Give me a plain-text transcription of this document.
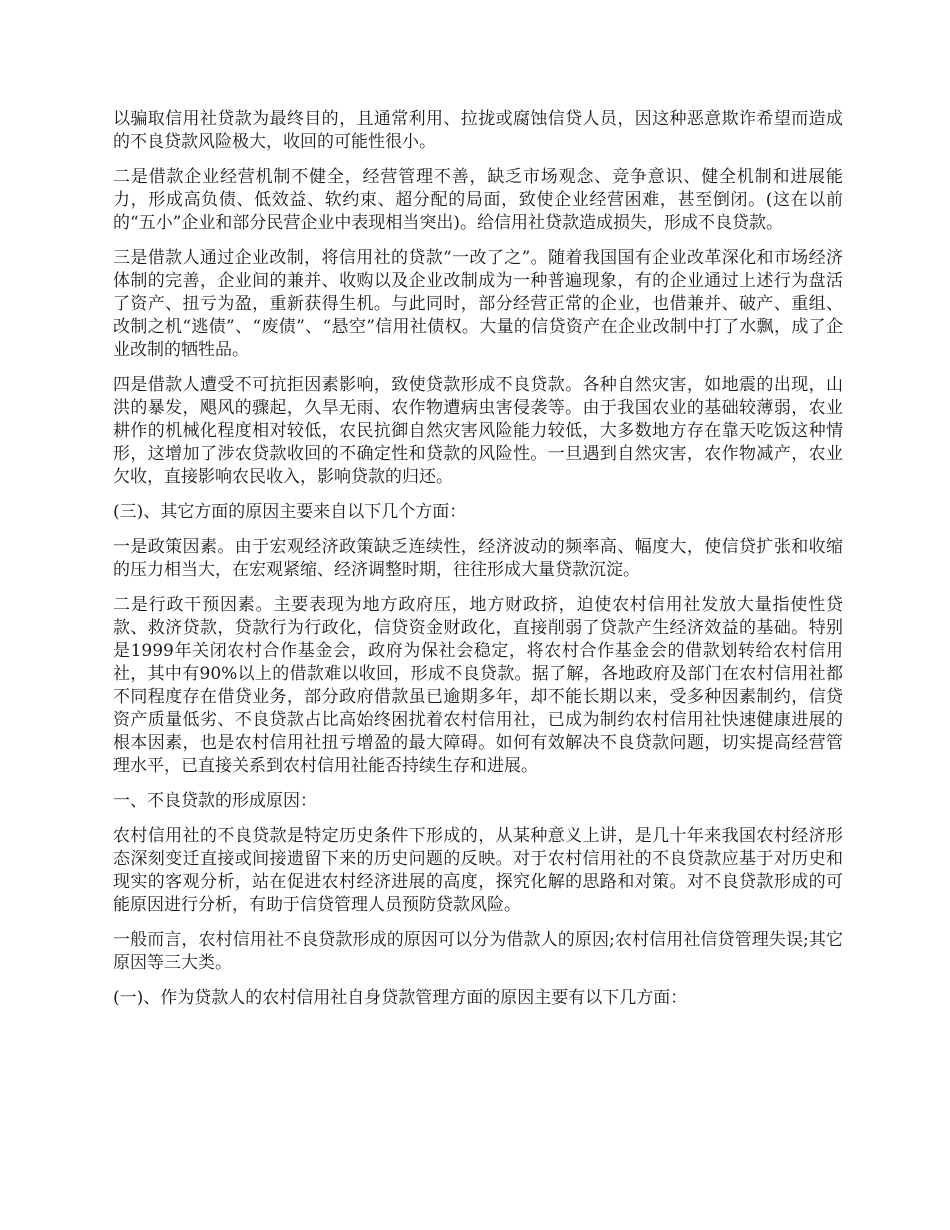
以骗取信用社贷款为最终目的，且通常利用、拉拢或腐蚀信贷人员，因这种恶意欺诈希望而造成的不良贷款风险极大，收回的可能性很小。

二是借款企业经营机制不健全，经营管理不善，缺乏市场观念、竞争意识、健全机制和进展能力，形成高负债、低效益、软约束、超分配的局面，致使企业经营困难，甚至倒闭。(这在以前的“五小”企业和部分民营企业中表现相当突出)。给信用社贷款造成损失，形成不良贷款。

三是借款人通过企业改制，将信用社的贷款“一改了之”。随着我国国有企业改革深化和市场经济体制的完善，企业间的兼并、收购以及企业改制成为一种普遍现象，有的企业通过上述行为盘活了资产、扭亏为盈，重新获得生机。与此同时，部分经营正常的企业，也借兼并、破产、重组、改制之机“逃债”、“废债”、“悬空”信用社债权。大量的信贷资产在企业改制中打了水飘，成了企业改制的牺牲品。

四是借款人遭受不可抗拒因素影响，致使贷款形成不良贷款。各种自然灾害，如地震的出现，山洪的暴发，飓风的骤起，久旱无雨、农作物遭病虫害侵袭等。由于我国农业的基础较薄弱，农业耕作的机械化程度相对较低，农民抗御自然灾害风险能力较低，大多数地方存在靠天吃饭这种情形，这增加了涉农贷款收回的不确定性和贷款的风险性。一旦遇到自然灾害，农作物减产，农业欠收，直接影响农民收入，影响贷款的归还。

(三)、其它方面的原因主要来自以下几个方面：

一是政策因素。由于宏观经济政策缺乏连续性，经济波动的频率高、幅度大，使信贷扩张和收缩的压力相当大，在宏观紧缩、经济调整时期，往往形成大量贷款沉淀。

二是行政干预因素。主要表现为地方政府压，地方财政挤，迫使农村信用社发放大量指使性贷款、救济贷款，贷款行为行政化，信贷资金财政化，直接削弱了贷款产生经济效益的基础。特别是1999年关闭农村合作基金会，政府为保社会稳定，将农村合作基金会的借款划转给农村信用社，其中有90%以上的借款难以收回，形成不良贷款。据了解，各地政府及部门在农村信用社都不同程度存在借贷业务，部分政府借款虽已逾期多年，却不能长期以来，受多种因素制约，信贷资产质量低劣、不良贷款占比高始终困扰着农村信用社，已成为制约农村信用社快速健康进展的根本因素，也是农村信用社扭亏增盈的最大障碍。如何有效解决不良贷款问题，切实提高经营管理水平，已直接关系到农村信用社能否持续生存和进展。

一、不良贷款的形成原因：

农村信用社的不良贷款是特定历史条件下形成的，从某种意义上讲，是几十年来我国农村经济形态深刻变迁直接或间接遗留下来的历史问题的反映。对于农村信用社的不良贷款应基于对历史和现实的客观分析，站在促进农村经济进展的高度，探究化解的思路和对策。对不良贷款形成的可能原因进行分析，有助于信贷管理人员预防贷款风险。

一般而言，农村信用社不良贷款形成的原因可以分为借款人的原因;农村信用社信贷管理失误;其它原因等三大类。

(一)、作为贷款人的农村信用社自身贷款管理方面的原因主要有以下几方面：
